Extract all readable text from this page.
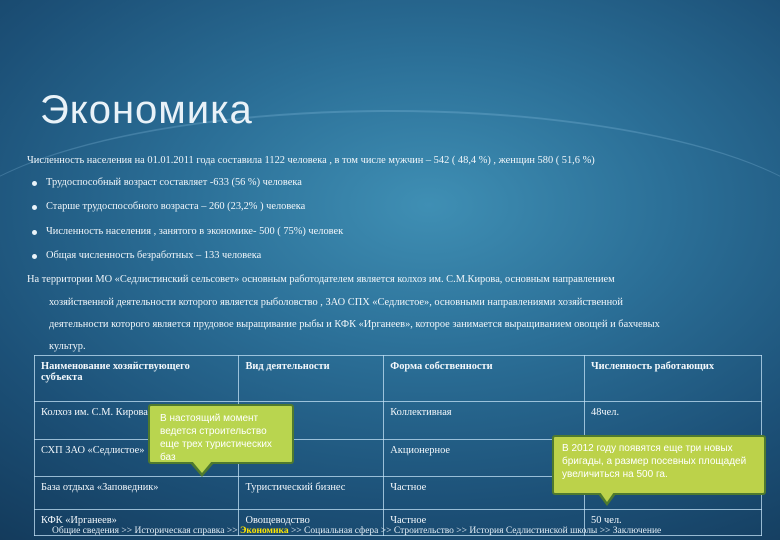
Экономика
Численность населения на 01.01.2011 года составила 1122 человека , в том числе мужчин – 542 ( 48,4 %) , женщин 580 ( 51,6 %)
Трудоспособный возраст составляет -633 (56 %) человека
Старше трудоспособного возраста – 260 (23,2% ) человека
Численность населения , занятого в экономике- 500 ( 75%) человек
Общая численность безработных – 133 человека
На территории МО «Седлистинский сельсовет» основным работодателем является колхоз им. С.М.Кирова, основным направлением
хозяйственной деятельности которого является рыболовство , ЗАО СПХ «Седлистое», основными направлениями хозяйственной
деятельности которого является прудовое выращивание рыбы и КФК «Ирганеев», которое занимается выращиванием овощей и бахчевых
культур.
Наименование хозяйствующего субъекта	Вид деятельности	Форма собственности	Численность работающих
Колхоз им. С.М. Кирова		Коллективная	48чел.
СХП ЗАО «Седлистое»		Акционерное	
База отдыха «Заповедник»	Туристический бизнес	Частное	
КФК «Ирганеев»	Овощеводство	Частное	50 чел.
В настоящий момент ведется строительство еще трех туристических баз
В 2012 году появятся еще три новых бригады, а размер посевных площадей увеличиться на 500 га.
Общие сведения >> Историческая справка >> Экономика >> Социальная сфера >> Строительство >> История Седлистинской школы >> Заключение
